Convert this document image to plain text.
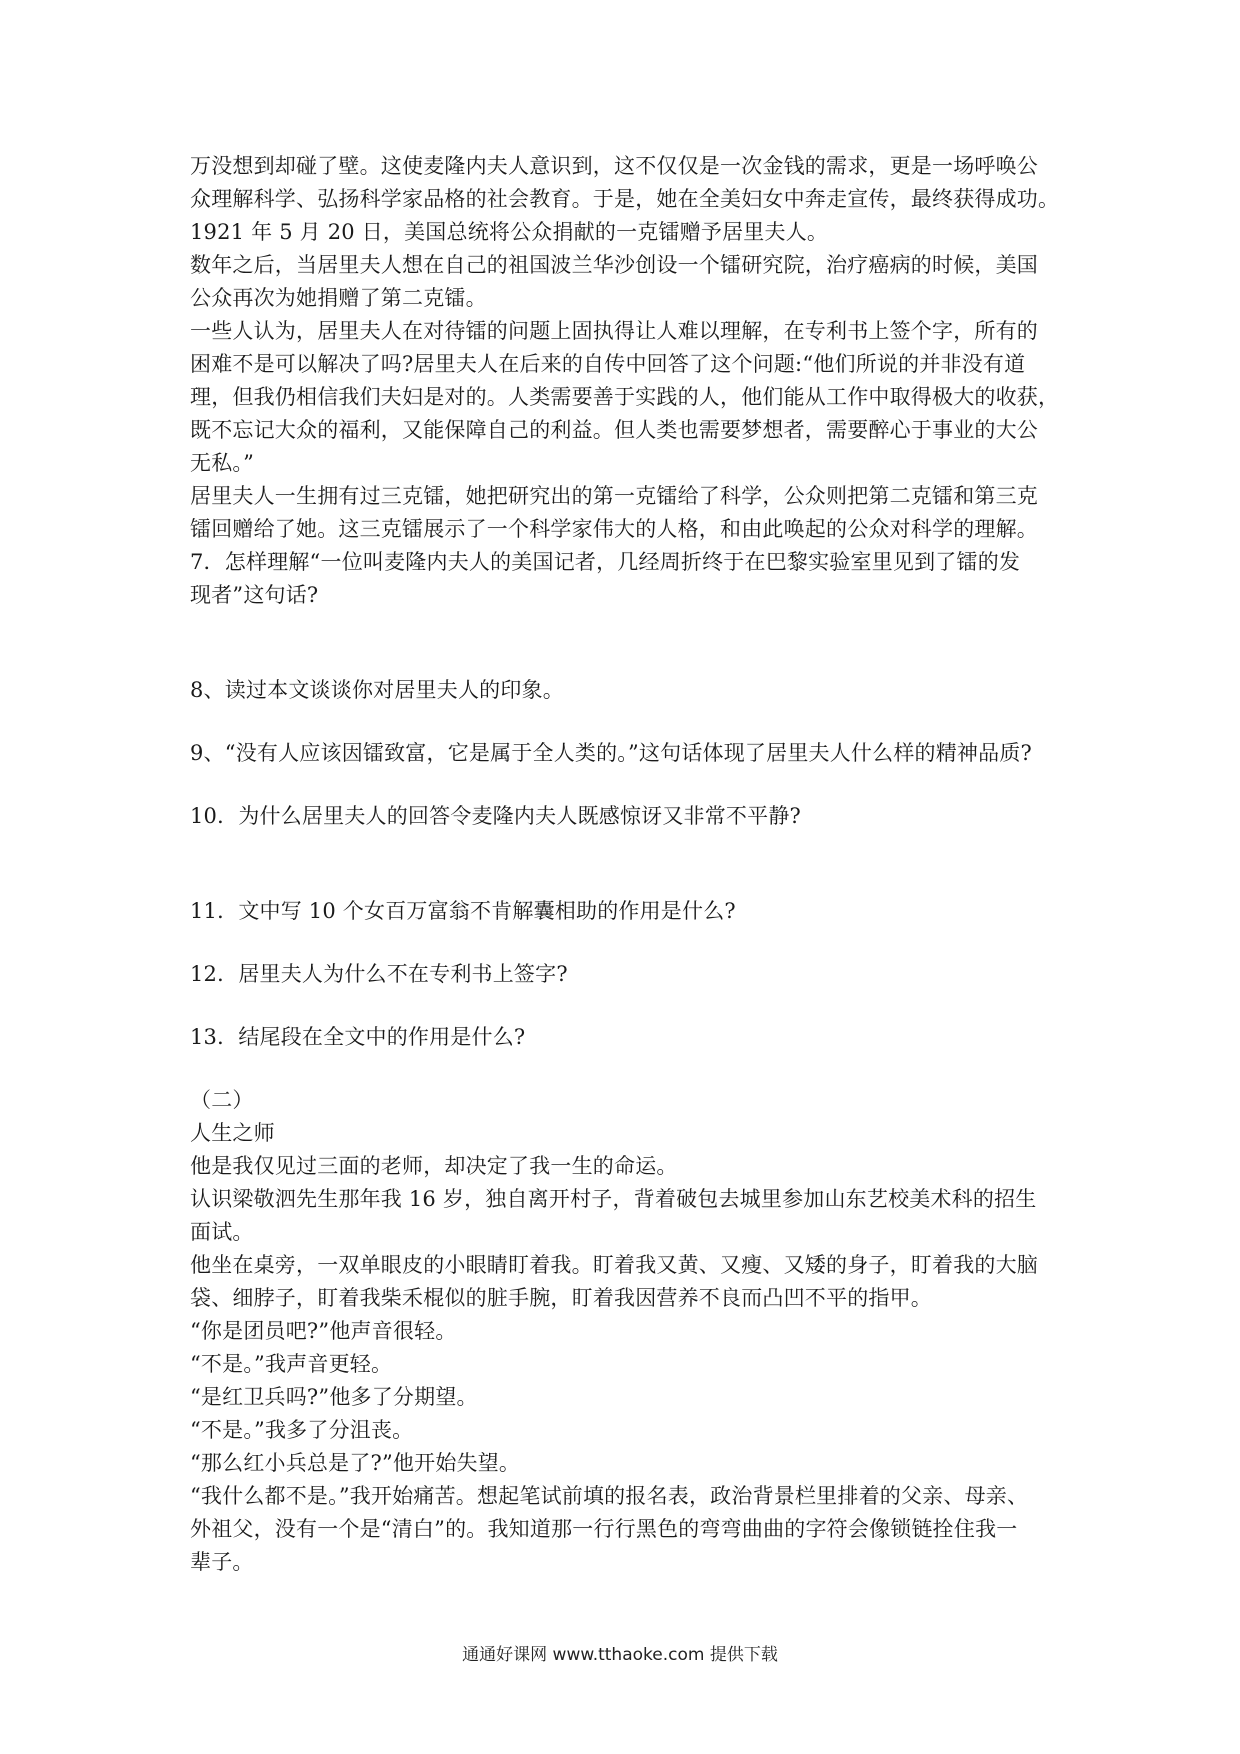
万没想到却碰了壁。这使麦隆内夫人意识到，这不仅仅是一次金钱的需求，更是一场呼唤公
众理解科学、弘扬科学家品格的社会教育。于是，她在全美妇女中奔走宣传，最终获得成功。
1921 年 5 月 20 日，美国总统将公众捐献的一克镭赠予居里夫人。
数年之后，当居里夫人想在自己的祖国波兰华沙创设一个镭研究院，治疗癌病的时候，美国
公众再次为她捐赠了第二克镭。
一些人认为，居里夫人在对待镭的问题上固执得让人难以理解，在专利书上签个字，所有的
困难不是可以解决了吗?居里夫人在后来的自传中回答了这个问题:“他们所说的并非没有道
理，但我仍相信我们夫妇是对的。人类需要善于实践的人，他们能从工作中取得极大的收获，
既不忘记大众的福利，又能保障自己的利益。但人类也需要梦想者，需要醉心于事业的大公
无私。”
居里夫人一生拥有过三克镭，她把研究出的第一克镭给了科学，公众则把第二克镭和第三克
镭回赠给了她。这三克镭展示了一个科学家伟大的人格，和由此唤起的公众对科学的理解。
7．怎样理解“一位叫麦隆内夫人的美国记者，几经周折终于在巴黎实验室里见到了镭的发
现者”这句话?
8、读过本文谈谈你对居里夫人的印象。
9、“没有人应该因镭致富，它是属于全人类的。”这句话体现了居里夫人什么样的精神品质?
10．为什么居里夫人的回答令麦隆内夫人既感惊讶又非常不平静?
11．文中写 10 个女百万富翁不肯解囊相助的作用是什么?
12．居里夫人为什么不在专利书上签字?
13．结尾段在全文中的作用是什么?
（二）
人生之师
他是我仅见过三面的老师，却决定了我一生的命运。
认识梁敬泗先生那年我 16 岁，独自离开村子，背着破包去城里参加山东艺校美术科的招生
面试。
他坐在桌旁，一双单眼皮的小眼睛盯着我。盯着我又黄、又瘦、又矮的身子，盯着我的大脑
袋、细脖子，盯着我柴禾棍似的脏手腕，盯着我因营养不良而凸凹不平的指甲。
“你是团员吧?”他声音很轻。
“不是。”我声音更轻。
“是红卫兵吗?”他多了分期望。
“不是。”我多了分沮丧。
“那么红小兵总是了?”他开始失望。
“我什么都不是。”我开始痛苦。想起笔试前填的报名表，政治背景栏里排着的父亲、母亲、
外祖父，没有一个是“清白”的。我知道那一行行黑色的弯弯曲曲的字符会像锁链拴住我一
辈子。
通通好课网 www.tthaoke.com 提供下载
